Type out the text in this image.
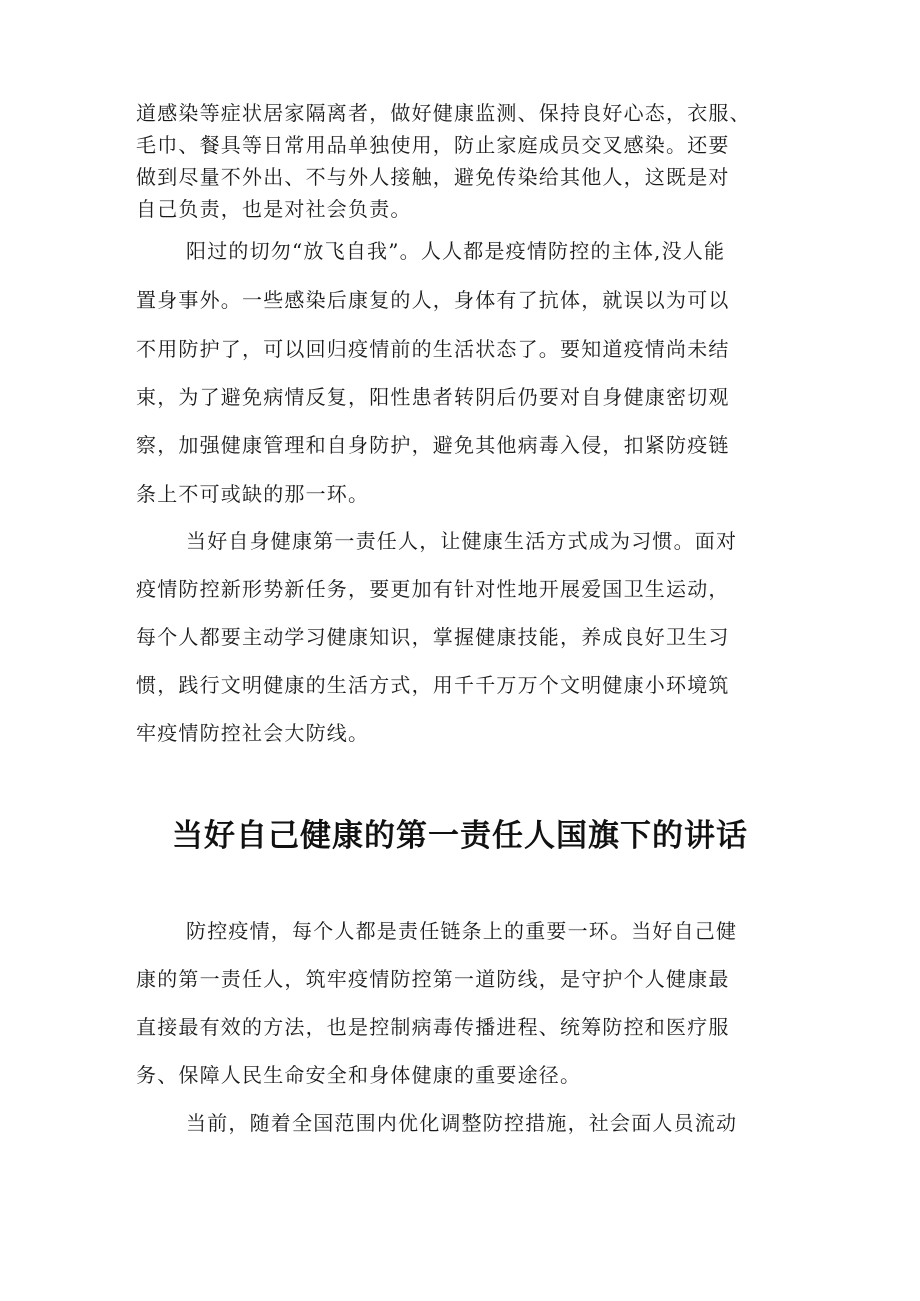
道感染等症状居家隔离者，做好健康监测、保持良好心态，衣服、
毛巾、餐具等日常用品单独使用，防止家庭成员交叉感染。还要
做到尽量不外出、不与外人接触，避免传染给其他人，这既是对
自己负责，也是对社会负责。
阳过的切勿“放飞自我”。人人都是疫情防控的主体,没人能
置身事外。一些感染后康复的人，身体有了抗体，就误以为可以
不用防护了，可以回归疫情前的生活状态了。要知道疫情尚未结
束，为了避免病情反复，阳性患者转阴后仍要对自身健康密切观
察，加强健康管理和自身防护，避免其他病毒入侵，扣紧防疫链
条上不可或缺的那一环。
当好自身健康第一责任人，让健康生活方式成为习惯。面对
疫情防控新形势新任务，要更加有针对性地开展爱国卫生运动，
每个人都要主动学习健康知识，掌握健康技能，养成良好卫生习
惯，践行文明健康的生活方式，用千千万万个文明健康小环境筑
牢疫情防控社会大防线。
当好自己健康的第一责任人国旗下的讲话
防控疫情，每个人都是责任链条上的重要一环。当好自己健
康的第一责任人，筑牢疫情防控第一道防线，是守护个人健康最
直接最有效的方法，也是控制病毒传播进程、统筹防控和医疗服
务、保障人民生命安全和身体健康的重要途径。
当前，随着全国范围内优化调整防控措施，社会面人员流动
